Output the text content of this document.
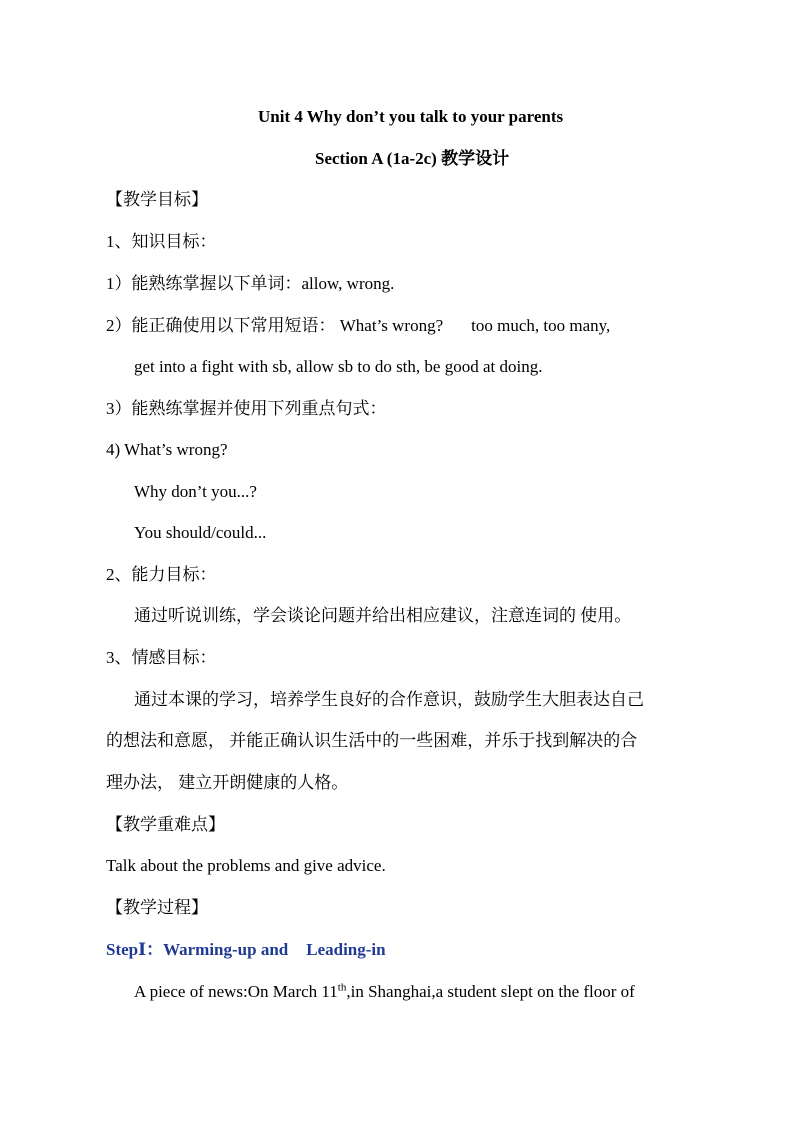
Unit 4 Why don’t you talk to your parents
Section A (1a-2c) 教学设计
【教学目标】
1、知识目标：
1）能熟练掌握以下单词：allow, wrong.
2）能正确使用以下常用短语： What’s wrong? too much, too many,
get into a fight with sb, allow sb to do sth, be good at doing.
3）能熟练掌握并使用下列重点句式：
4) What’s wrong?
Why don’t you...?
You should/could...
2、能力目标：
通过听说训练，学会谈论问题并给出相应建议，注意连词的 使用。
3、情感目标：
通过本课的学习，培养学生良好的合作意识，鼓励学生大胆表达自己
的想法和意愿， 并能正确认识生活中的一些困难，并乐于找到解决的合
理办法， 建立开朗健康的人格。
【教学重难点】
Talk about the problems and give advice.
【教学过程】
StepⅠ：Warming-up and Leading-in
A piece of news:On March 11th,in Shanghai,a student slept on the floor of
